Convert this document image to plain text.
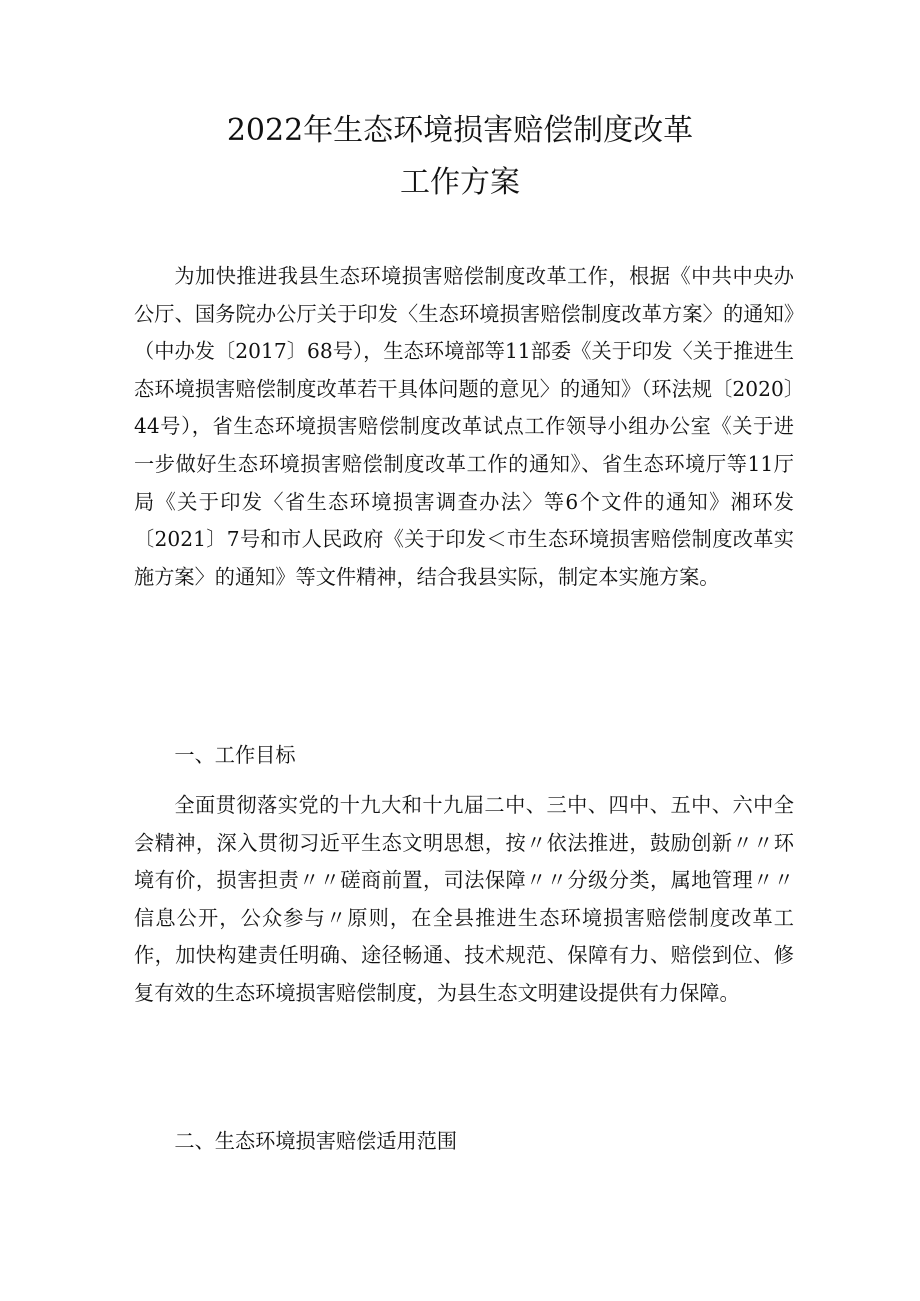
2022年生态环境损害赔偿制度改革
工作方案

为加快推进我县生态环境损害赔偿制度改革工作，根据《中共中央办公厅、国务院办公厅关于印发〈生态环境损害赔偿制度改革方案〉的通知》（中办发〔2017〕68号），生态环境部等11部委《关于印发〈关于推进生态环境损害赔偿制度改革若干具体问题的意见〉的通知》（环法规〔2020〕44号），省生态环境损害赔偿制度改革试点工作领导小组办公室《关于进一步做好生态环境损害赔偿制度改革工作的通知》、省生态环境厅等11厅局《关于印发〈省生态环境损害调查办法〉等6个文件的通知》湘环发〔2021〕7号和市人民政府《关于印发＜市生态环境损害赔偿制度改革实施方案〉的通知》等文件精神，结合我县实际，制定本实施方案。

一、工作目标

全面贯彻落实党的十九大和十九届二中、三中、四中、五中、六中全会精神，深入贯彻习近平生态文明思想，按〃依法推进，鼓励创新〃〃环境有价，损害担责〃〃磋商前置，司法保障〃〃分级分类，属地管理〃〃信息公开，公众参与〃原则，在全县推进生态环境损害赔偿制度改革工作，加快构建责任明确、途径畅通、技术规范、保障有力、赔偿到位、修复有效的生态环境损害赔偿制度，为县生态文明建设提供有力保障。

二、生态环境损害赔偿适用范围
